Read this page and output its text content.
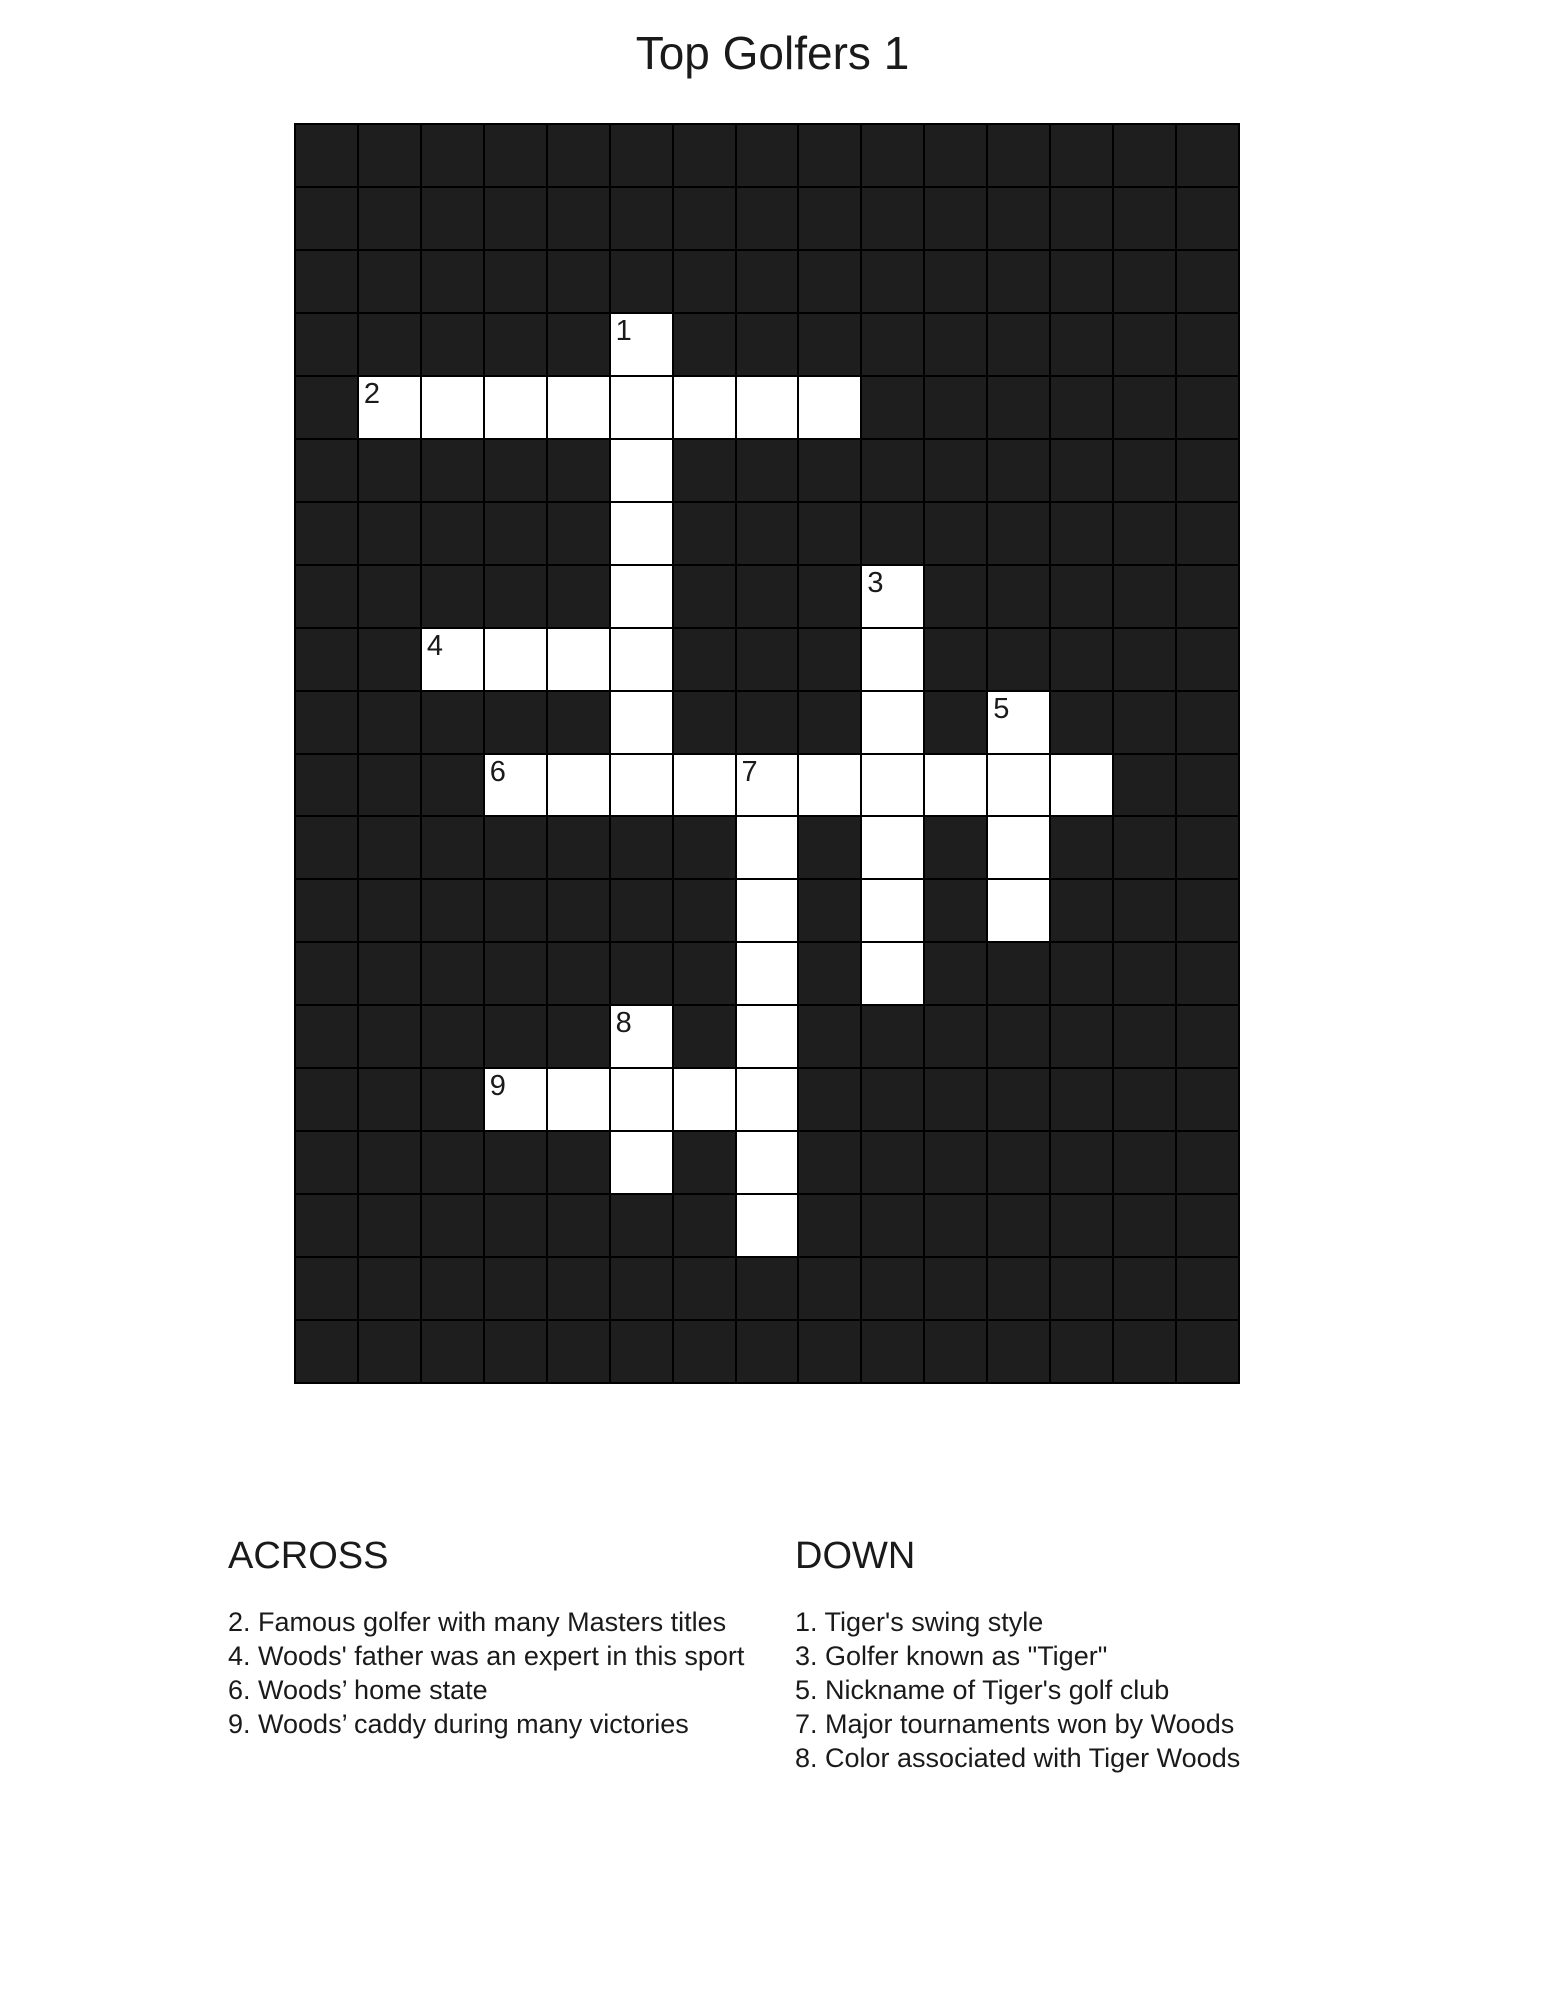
Top Golfers 1
1
2
3
4
5
6	7
8
9
ACROSS
2. Famous golfer with many Masters titles
4. Woods' father was an expert in this sport
6. Woods’ home state
9. Woods’ caddy during many victories
DOWN
1. Tiger's swing style
3. Golfer known as "Tiger"
5. Nickname of Tiger's golf club
7. Major tournaments won by Woods
8. Color associated with Tiger Woods
